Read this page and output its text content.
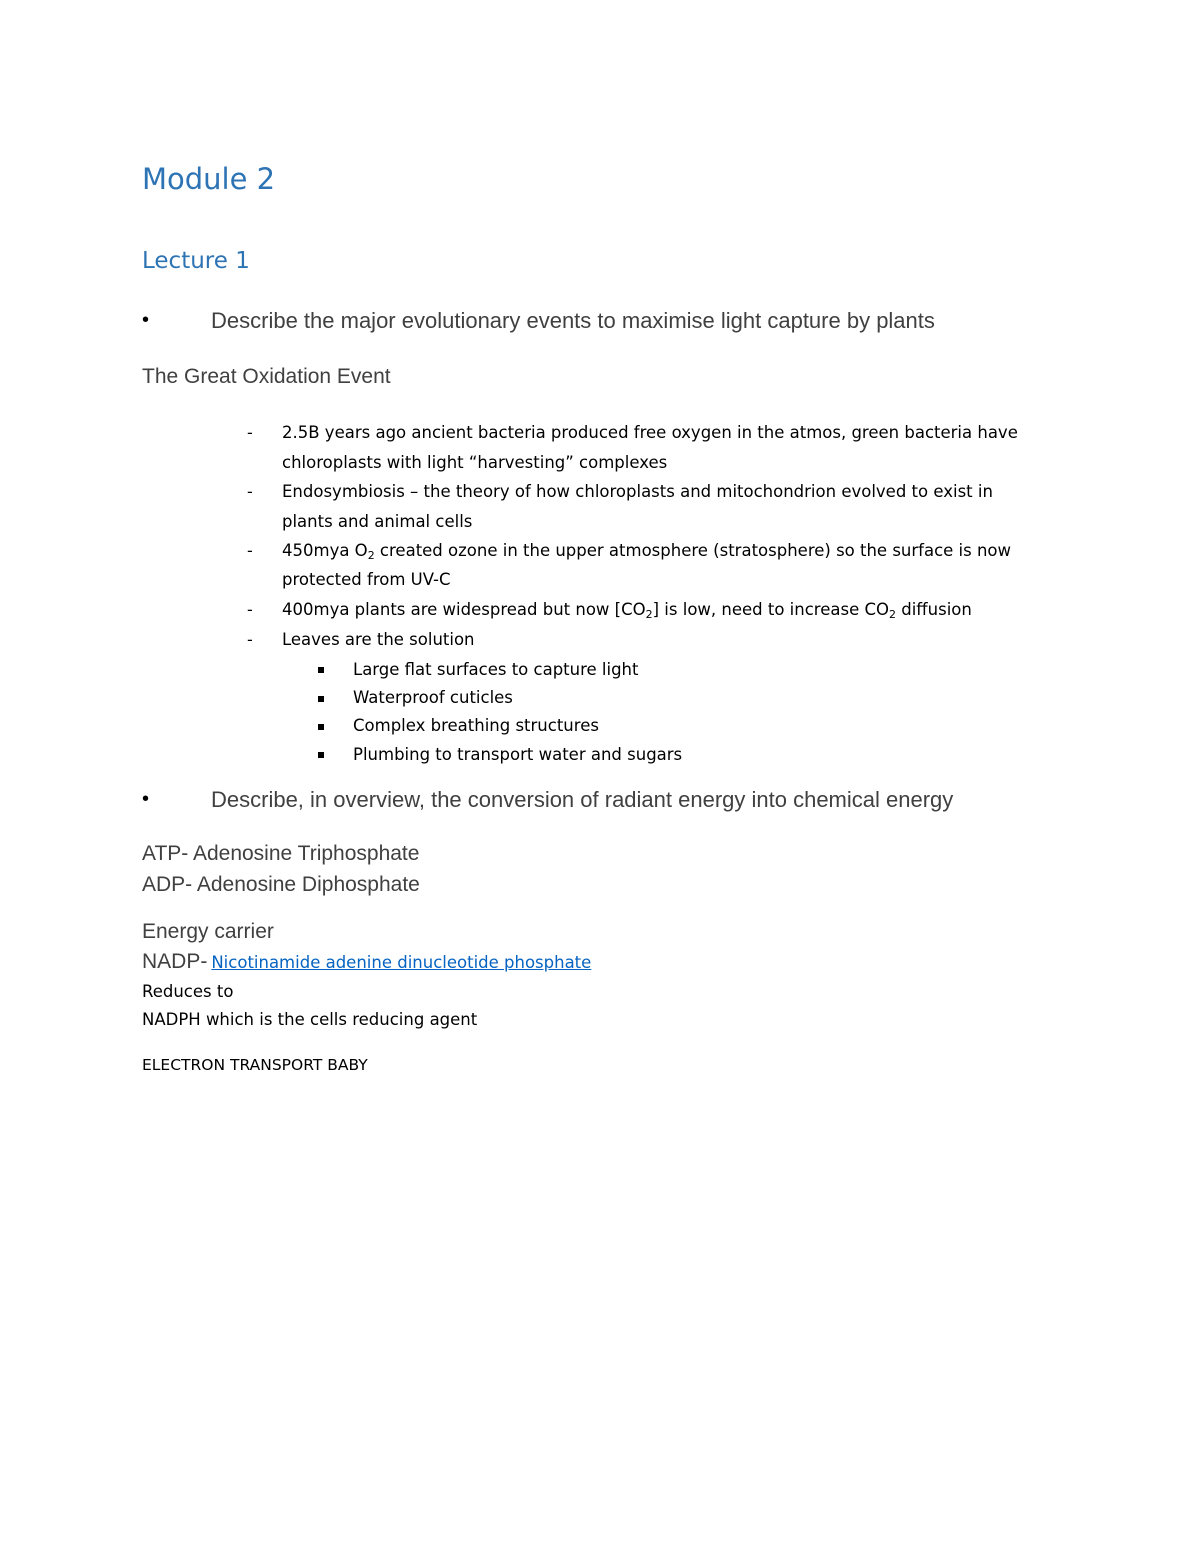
Module 2
Lecture 1
•	Describe the major evolutionary events to maximise light capture by plants
The Great Oxidation Event
- 2.5B years ago ancient bacteria produced free oxygen in the atmos, green bacteria have
chloroplasts with light “harvesting” complexes
- Endosymbiosis – the theory of how chloroplasts and mitochondrion evolved to exist in
plants and animal cells
- 450mya $O_2$ created ozone in the upper atmosphere (stratosphere) so the surface is now
protected from UV-C
- 400mya plants are widespread but now $[CO_2]$ is low, need to increase $CO_2$ diffusion
- Leaves are the solution
Large flat surfaces to capture light
Waterproof cuticles
Complex breathing structures
Plumbing to transport water and sugars
•	Describe, in overview, the conversion of radiant energy into chemical energy
ATP- Adenosine Triphosphate
ADP- Adenosine Diphosphate
Energy carrier
NADP- Nicotinamide adenine dinucleotide phosphate
Reduces to
NADPH which is the cells reducing agent
ELECTRON TRANSPORT BABY
